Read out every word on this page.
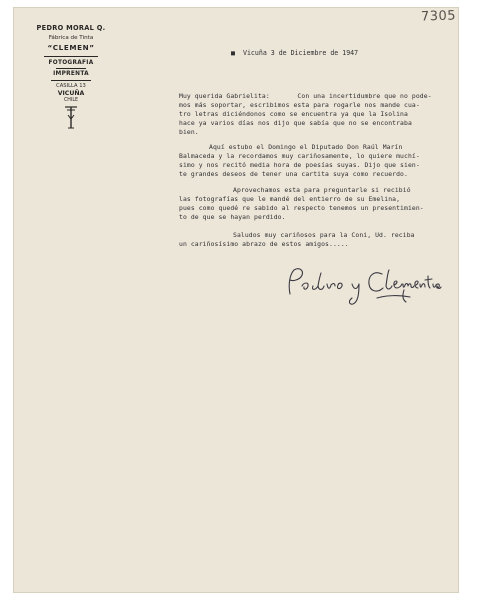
7305
PEDRO MORAL Q.
Fábrica de Tinta
“CLEMEN”
FOTOGRAFIA
IMPRENTA
CASILLA 13
VICUÑA
CHILE
■ Vicuña 3 de Diciembre de 1947
Muy querida Gabrielita:       Con una incertidumbre que no pode-
mos más soportar, escribimos esta para rogarle nos mande cua-
tro letras diciéndonos como se encuentra ya que la Isolina
hace ya varios días nos dijo que sabía que no se encontraba
bien.
Aquí estubo el Domingo el Diputado Don Raúl Marín
Balmaceda y la recordamos muy cariñosamente, lo quiere muchí-
simo y nos recitó media hora de poesías suyas. Dijo que sien-
te grandes deseos de tener una cartita suya como recuerdo.
Aprovechamos esta para preguntarle si recibió
las fotografías que le mandé del entierro de su Emelina,
pues como quedé re sabido al respecto tenemos un presentimien-
to de que se hayan perdido.
Saludos muy cariñosos para la Coni, Ud. reciba
un cariñosísimo abrazo de estos amigos.....
